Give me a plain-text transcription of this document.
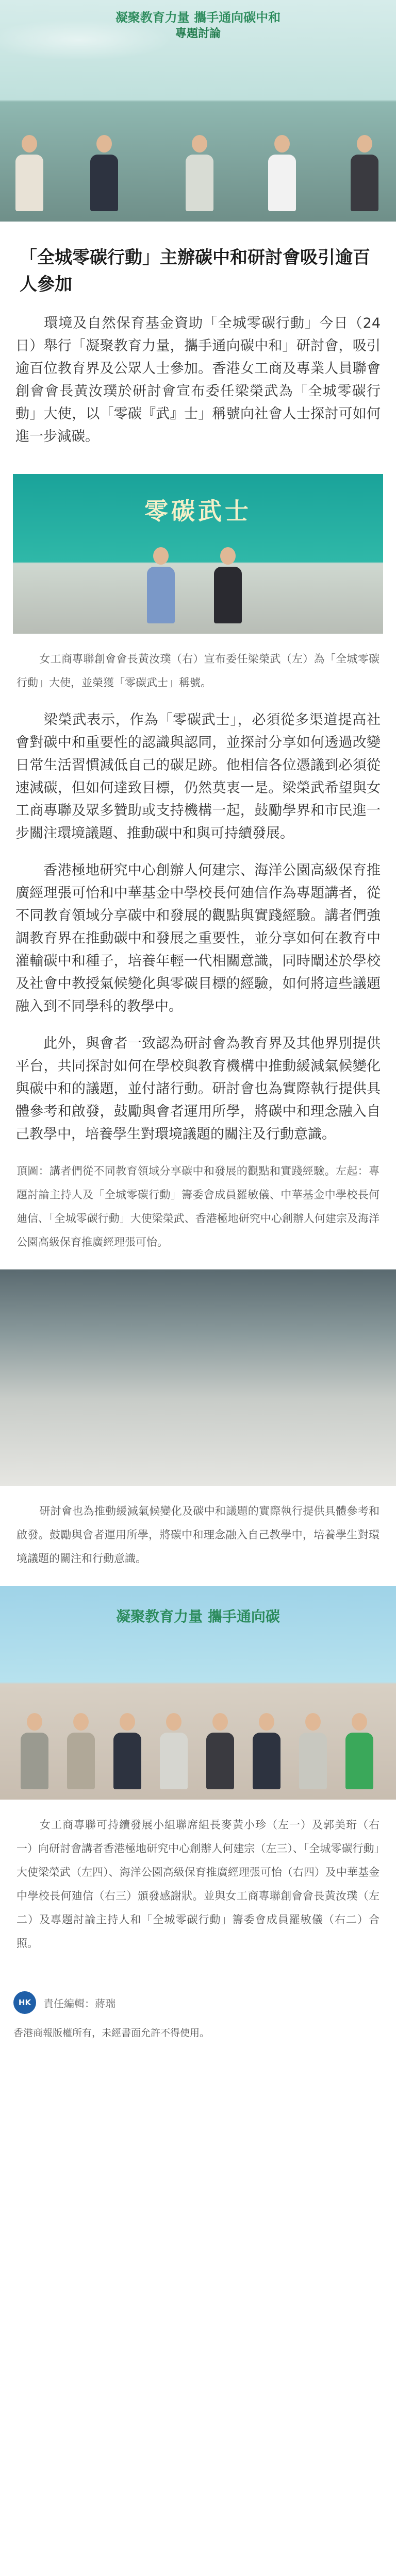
凝聚教育力量 攜手通向碳中和
專題討論
「全城零碳行動」主辦碳中和研討會吸引逾百人參加
環境及自然保育基金資助「全城零碳行動」今日（24日）舉行「凝聚教育力量，攜手通向碳中和」研討會，吸引逾百位教育界及公眾人士參加。香港女工商及專業人員聯會創會會長黃汝璞於研討會宣布委任梁榮武為「全城零碳行動」大使，以「零碳『武』士」稱號向社會人士探討可如何進一步減碳。
零碳武士
女工商專聯創會會長黃汝璞（右）宣布委任梁榮武（左）為「全城零碳行動」大使，並榮獲「零碳武士」稱號。
梁榮武表示，作為「零碳武士」，必須從多渠道提高社會對碳中和重要性的認識與認同，並探討分享如何透過改變日常生活習慣減低自己的碳足跡。他相信各位憑議到必須從速減碳，但如何達致目標，仍然莫衷一是。梁榮武希望與女工商專聯及眾多贊助或支持機構一起，鼓勵學界和市民進一步關注環境議題、推動碳中和與可持續發展。
香港極地研究中心創辦人何建宗、海洋公園高級保育推廣經理張可怡和中華基金中學校長何廸信作為專題講者，從不同教育領域分享碳中和發展的觀點與實踐經驗。講者們強調教育界在推動碳中和發展之重要性，並分享如何在教育中灌輸碳中和種子，培養年輕一代相關意識，同時闡述於學校及社會中教授氣候變化與零碳目標的經驗，如何將這些議題融入到不同學科的教學中。
此外，與會者一致認為研討會為教育界及其他界別提供平台，共同探討如何在學校與教育機構中推動緩減氣候變化與碳中和的議題，並付諸行動。研討會也為實際執行提供具體參考和啟發，鼓勵與會者運用所學，將碳中和理念融入自己教學中，培養學生對環境議題的關注及行動意識。
頂圖：講者們從不同教育領域分享碳中和發展的觀點和實踐經驗。左起：專題討論主持人及「全城零碳行動」籌委會成員羅敏儀、中華基金中學校長何廸信、「全城零碳行動」大使梁榮武、香港極地研究中心創辦人何建宗及海洋公園高級保育推廣經理張可怡。
研討會也為推動緩減氣候變化及碳中和議題的實際執行提供具體參考和啟發。鼓勵與會者運用所學，將碳中和理念融入自己教學中，培養學生對環境議題的關注和行動意識。
凝聚教育力量 攜手通向碳
女工商專聯可持續發展小組聯席組長麥黃小珍（左一）及郭美珩（右一）向研討會講者香港極地研究中心創辦人何建宗（左三）、「全城零碳行動」大使梁榮武（左四）、海洋公園高級保育推廣經理張可怡（右四）及中華基金中學校長何廸信（右三）頒發感謝狀。並與女工商專聯創會會長黃汝璞（左二）及專題討論主持人和「全城零碳行動」籌委會成員羅敏儀（右二）合照。
HK	責任編輯：蔣瑞
香港商報版權所有，未經書面允許不得使用。
